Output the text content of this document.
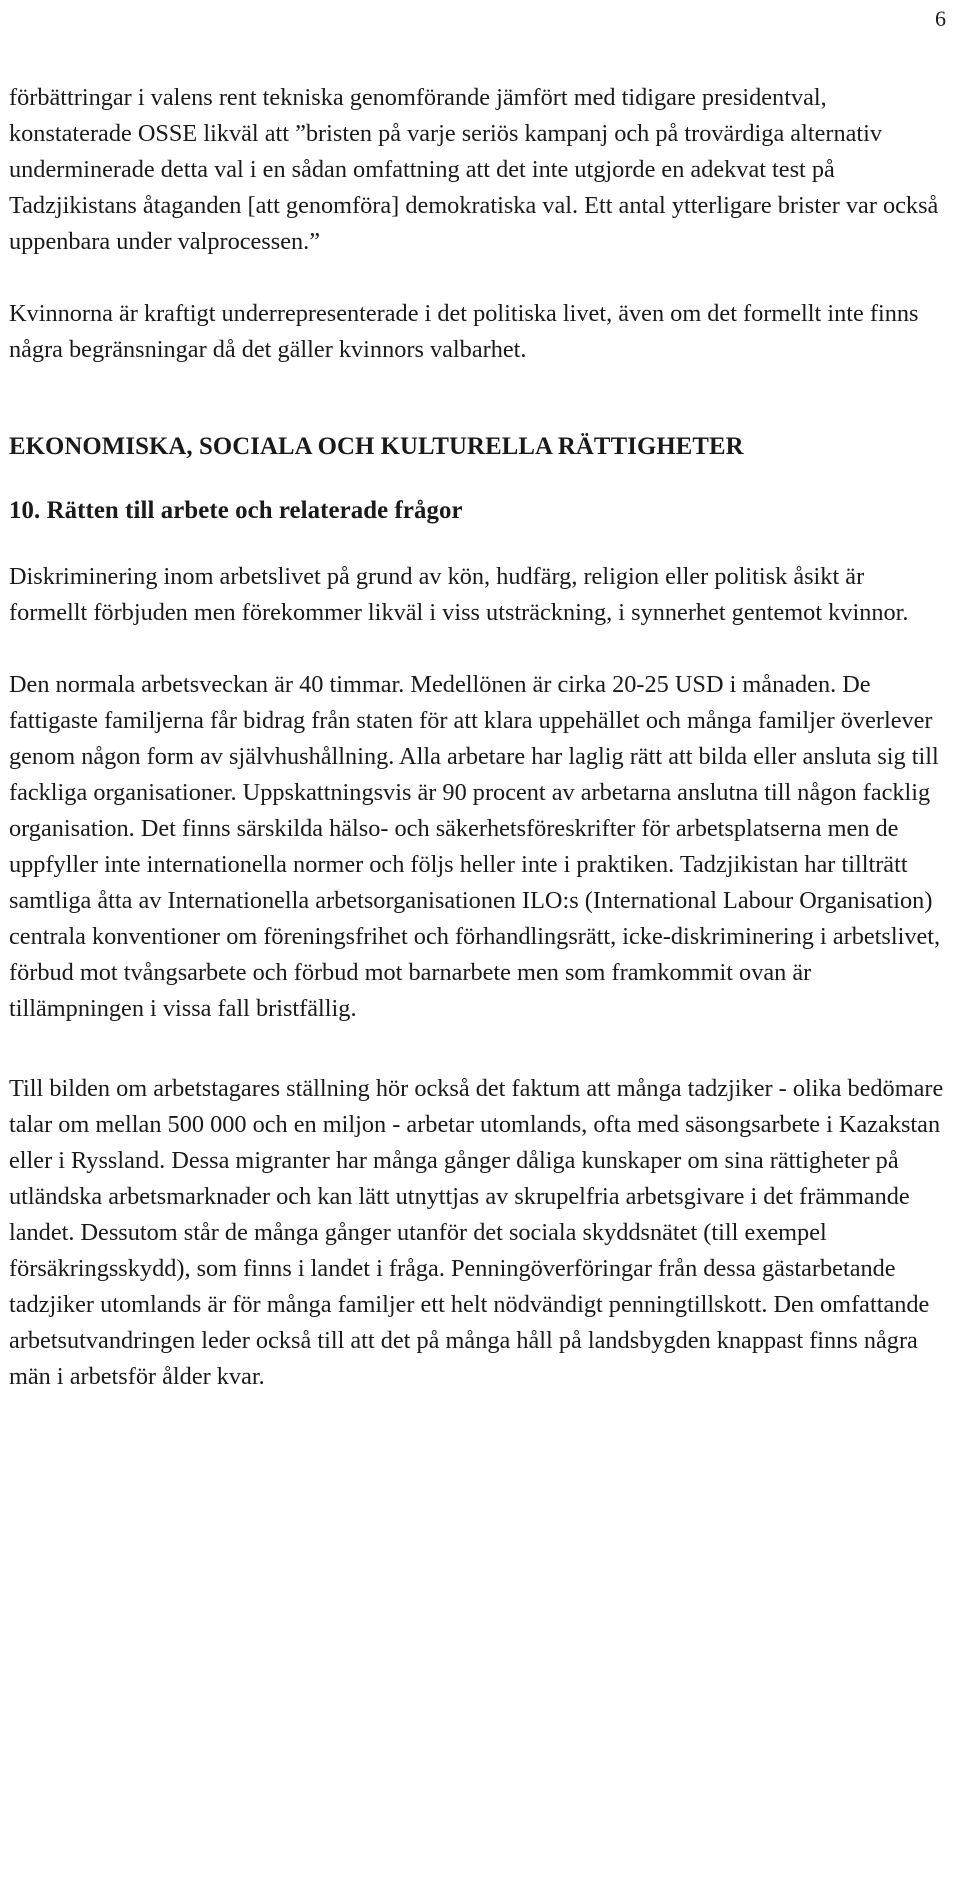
6

förbättringar i valens rent tekniska genomförande jämfört med tidigare presidentval, konstaterade OSSE likväl att ”bristen på varje seriös kampanj och på trovärdiga alternativ underminerade detta val i en sådan omfattning att det inte utgjorde en adekvat test på Tadzjikistans åtaganden [att genomföra] demokratiska val. Ett antal ytterligare brister var också uppenbara under valprocessen.”

Kvinnorna är kraftigt underrepresenterade i det politiska livet, även om det formellt inte finns några begränsningar då det gäller kvinnors valbarhet.

EKONOMISKA, SOCIALA OCH KULTURELLA RÄTTIGHETER
10. Rätten till arbete och relaterade frågor

Diskriminering inom arbetslivet på grund av kön, hudfärg, religion eller politisk åsikt är formellt förbjuden men förekommer likväl i viss utsträckning, i synnerhet gentemot kvinnor.

Den normala arbetsveckan är 40 timmar. Medellönen är cirka 20-25 USD i månaden. De fattigaste familjerna får bidrag från staten för att klara uppehället och många familjer överlever genom någon form av självhushållning. Alla arbetare har laglig rätt att bilda eller ansluta sig till fackliga organisationer. Uppskattningsvis är 90 procent av arbetarna anslutna till någon facklig organisation. Det finns särskilda hälso- och säkerhetsföreskrifter för arbetsplatserna men de uppfyller inte internationella normer och följs heller inte i praktiken. Tadzjikistan har tillträtt samtliga åtta av Internationella arbetsorganisationen ILO:s (International Labour Organisation) centrala konventioner om föreningsfrihet och förhandlingsrätt, icke-diskriminering i arbetslivet, förbud mot tvångsarbete och förbud mot barnarbete men som framkommit ovan är tillämpningen i vissa fall bristfällig.

Till bilden om arbetstagares ställning hör också det faktum att många tadzjiker - olika bedömare talar om mellan 500 000 och en miljon - arbetar utomlands, ofta med säsongsarbete i Kazakstan eller i Ryssland. Dessa migranter har många gånger dåliga kunskaper om sina rättigheter på utländska arbetsmarknader och kan lätt utnyttjas av skrupelfria arbetsgivare i det främmande landet. Dessutom står de många gånger utanför det sociala skyddsnätet (till exempel försäkringsskydd), som finns i landet i fråga. Penningöverföringar från dessa gästarbetande tadzjiker utomlands är för många familjer ett helt nödvändigt penningtillskott. Den omfattande arbetsutvandringen leder också till att det på många håll på landsbygden knappast finns några män i arbetsför ålder kvar.
